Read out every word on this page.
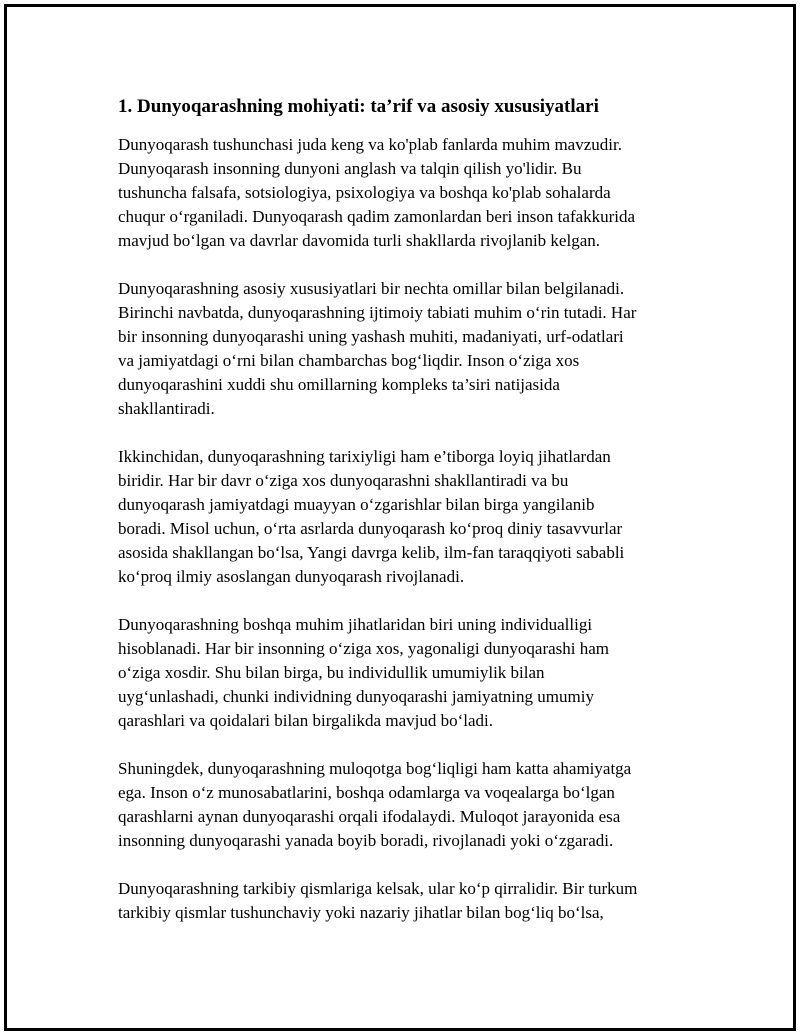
1. Dunyoqarashning mohiyati: ta’rif va asosiy xususiyatlari

Dunyoqarash tushunchasi juda keng va ko'plab fanlarda muhim mavzudir.
Dunyoqarash insonning dunyoni anglash va talqin qilish yo'lidir. Bu
tushuncha falsafa, sotsiologiya, psixologiya va boshqa ko'plab sohalarda
chuqur o‘rganiladi. Dunyoqarash qadim zamonlardan beri inson tafakkurida
mavjud bo‘lgan va davrlar davomida turli shakllarda rivojlanib kelgan.

Dunyoqarashning asosiy xususiyatlari bir nechta omillar bilan belgilanadi.
Birinchi navbatda, dunyoqarashning ijtimoiy tabiati muhim o‘rin tutadi. Har
bir insonning dunyoqarashi uning yashash muhiti, madaniyati, urf-odatlari
va jamiyatdagi o‘rni bilan chambarchas bog‘liqdir. Inson o‘ziga xos
dunyoqarashini xuddi shu omillarning kompleks ta’siri natijasida
shakllantiradi.

Ikkinchidan, dunyoqarashning tarixiyligi ham e’tiborga loyiq jihatlardan
biridir. Har bir davr o‘ziga xos dunyoqarashni shakllantiradi va bu
dunyoqarash jamiyatdagi muayyan o‘zgarishlar bilan birga yangilanib
boradi. Misol uchun, o‘rta asrlarda dunyoqarash ko‘proq diniy tasavvurlar
asosida shakllangan bo‘lsa, Yangi davrga kelib, ilm-fan taraqqiyoti sababli
ko‘proq ilmiy asoslangan dunyoqarash rivojlanadi.

Dunyoqarashning boshqa muhim jihatlaridan biri uning individualligi
hisoblanadi. Har bir insonning o‘ziga xos, yagonaligi dunyoqarashi ham
o‘ziga xosdir. Shu bilan birga, bu individullik umumiylik bilan
uyg‘unlashadi, chunki individning dunyoqarashi jamiyatning umumiy
qarashlari va qoidalari bilan birgalikda mavjud bo‘ladi.

Shuningdek, dunyoqarashning muloqotga bog‘liqligi ham katta ahamiyatga
ega. Inson o‘z munosabatlarini, boshqa odamlarga va voqealarga bo‘lgan
qarashlarni aynan dunyoqarashi orqali ifodalaydi. Muloqot jarayonida esa
insonning dunyoqarashi yanada boyib boradi, rivojlanadi yoki o‘zgaradi.

Dunyoqarashning tarkibiy qismlariga kelsak, ular ko‘p qirralidir. Bir turkum
tarkibiy qismlar tushunchaviy yoki nazariy jihatlar bilan bog‘liq bo‘lsa,
